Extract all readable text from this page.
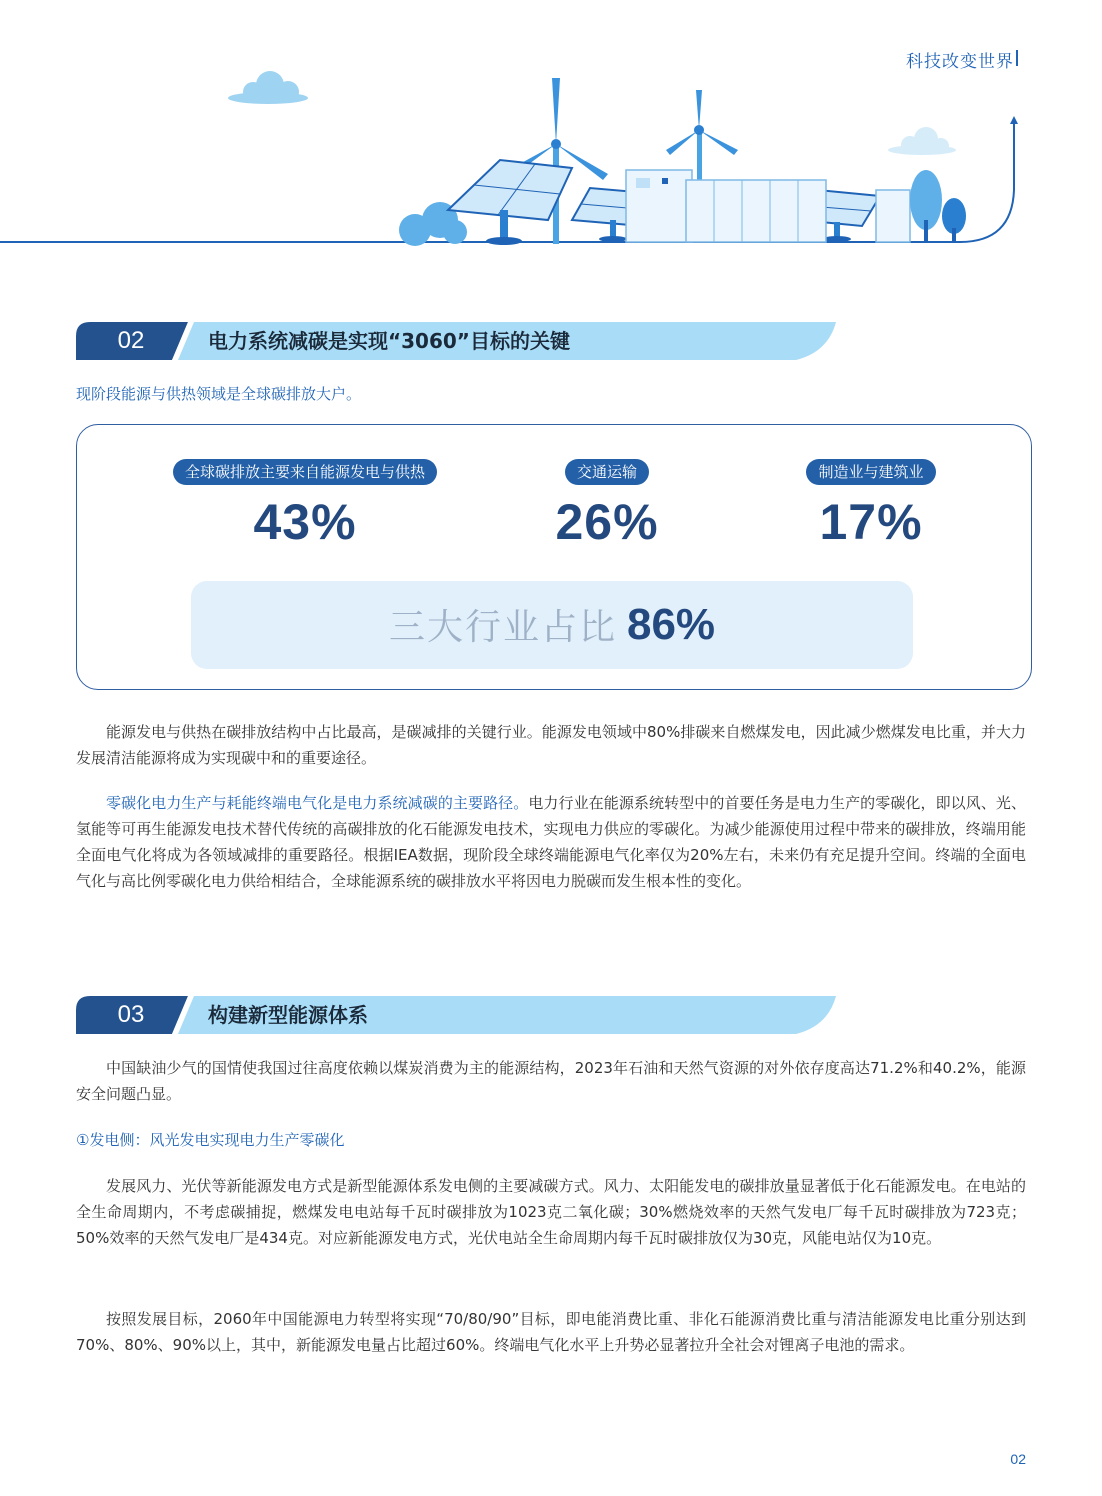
科技改变世界
02	电力系统减碳是实现“3060”目标的关键
现阶段能源与供热领域是全球碳排放大户。
全球碳排放主要来自能源发电与供热
43%
交通运输
26%
制造业与建筑业
17%
三大行业占比 86%
能源发电与供热在碳排放结构中占比最高，是碳减排的关键行业。能源发电领域中80%排碳来自燃煤发电，因此减少燃煤发电比重，并大力发展清洁能源将成为实现碳中和的重要途径。
零碳化电力生产与耗能终端电气化是电力系统减碳的主要路径。电力行业在能源系统转型中的首要任务是电力生产的零碳化，即以风、光、氢能等可再生能源发电技术替代传统的高碳排放的化石能源发电技术，实现电力供应的零碳化。为减少能源使用过程中带来的碳排放，终端用能全面电气化将成为各领域减排的重要路径。根据IEA数据，现阶段全球终端能源电气化率仅为20%左右，未来仍有充足提升空间。终端的全面电气化与高比例零碳化电力供给相结合，全球能源系统的碳排放水平将因电力脱碳而发生根本性的变化。
03	构建新型能源体系
中国缺油少气的国情使我国过往高度依赖以煤炭消费为主的能源结构，2023年石油和天然气资源的对外依存度高达71.2%和40.2%，能源安全问题凸显。
①发电侧：风光发电实现电力生产零碳化
发展风力、光伏等新能源发电方式是新型能源体系发电侧的主要减碳方式。风力、太阳能发电的碳排放量显著低于化石能源发电。在电站的全生命周期内，不考虑碳捕捉，燃煤发电电站每千瓦时碳排放为1023克二氧化碳；30%燃烧效率的天然气发电厂每千瓦时碳排放为723克；50%效率的天然气发电厂是434克。对应新能源发电方式，光伏电站全生命周期内每千瓦时碳排放仅为30克，风能电站仅为10克。
按照发展目标，2060年中国能源电力转型将实现“70/80/90”目标，即电能消费比重、非化石能源消费比重与清洁能源发电比重分别达到70%、80%、90%以上，其中，新能源发电量占比超过60%。终端电气化水平上升势必显著拉升全社会对锂离子电池的需求。
02
